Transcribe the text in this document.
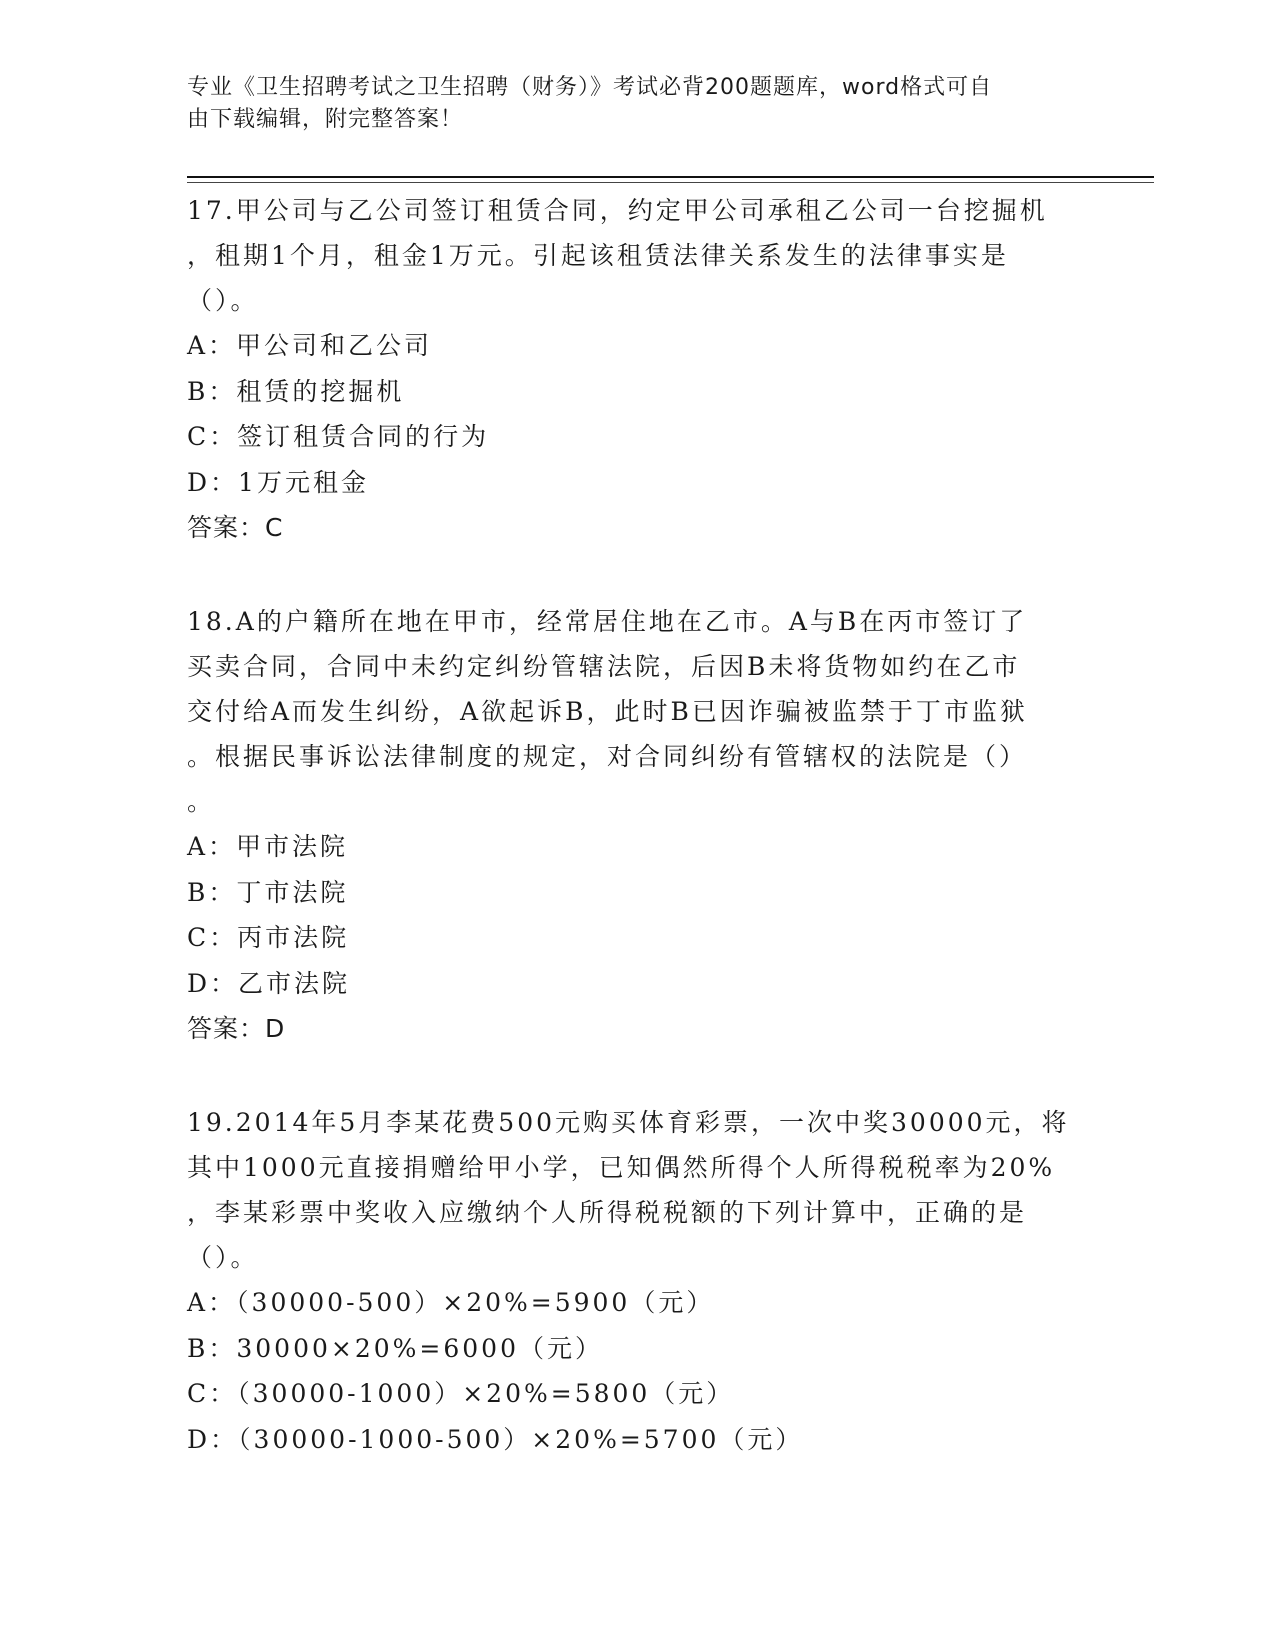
专业《卫生招聘考试之卫生招聘（财务）》考试必背200题题库，word格式可自
由下载编辑，附完整答案！
17.甲公司与乙公司签订租赁合同，约定甲公司承租乙公司一台挖掘机
，租期1个月，租金1万元。引起该租赁法律关系发生的法律事实是
（）。
A：甲公司和乙公司
B：租赁的挖掘机
C：签订租赁合同的行为
D：1万元租金
答案：C
18.A的户籍所在地在甲市，经常居住地在乙市。A与B在丙市签订了
买卖合同，合同中未约定纠纷管辖法院，后因B未将货物如约在乙市
交付给A而发生纠纷，A欲起诉B，此时B已因诈骗被监禁于丁市监狱
。根据民事诉讼法律制度的规定，对合同纠纷有管辖权的法院是（）
。
A：甲市法院
B：丁市法院
C：丙市法院
D：乙市法院
答案：D
19.2014年5月李某花费500元购买体育彩票，一次中奖30000元，将
其中1000元直接捐赠给甲小学，已知偶然所得个人所得税税率为20%
，李某彩票中奖收入应缴纳个人所得税税额的下列计算中，正确的是
（）。
A：（30000-500）×20%=5900（元）
B：30000×20%=6000（元）
C：（30000-1000）×20%=5800（元）
D：（30000-1000-500）×20%=5700（元）
